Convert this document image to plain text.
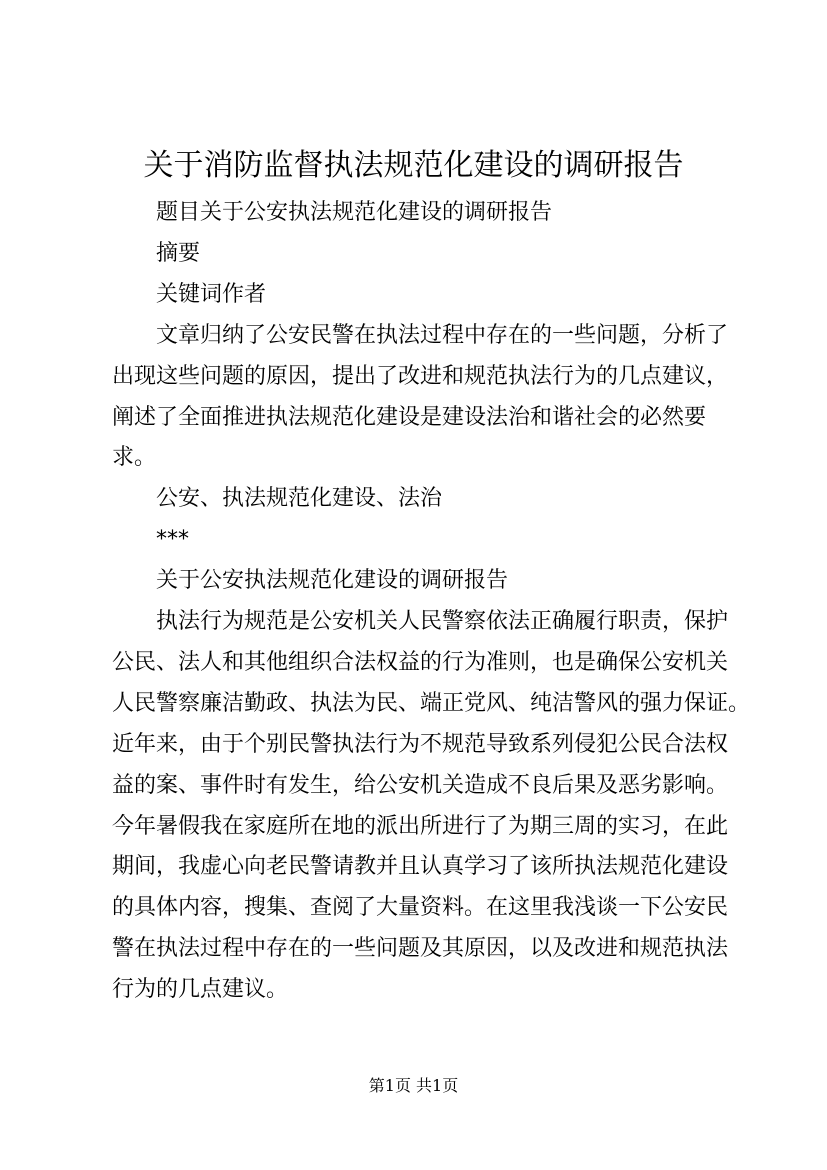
关于消防监督执法规范化建设的调研报告
题目关于公安执法规范化建设的调研报告
摘要
关键词作者
文章归纳了公安民警在执法过程中存在的一些问题，分析了
出现这些问题的原因，提出了改进和规范执法行为的几点建议，
阐述了全面推进执法规范化建设是建设法治和谐社会的必然要
求。
公安、执法规范化建设、法治
***
关于公安执法规范化建设的调研报告
执法行为规范是公安机关人民警察依法正确履行职责，保护
公民、法人和其他组织合法权益的行为准则，也是确保公安机关
人民警察廉洁勤政、执法为民、端正党风、纯洁警风的强力保证。
近年来，由于个别民警执法行为不规范导致系列侵犯公民合法权
益的案、事件时有发生，给公安机关造成不良后果及恶劣影响。
今年暑假我在家庭所在地的派出所进行了为期三周的实习，在此
期间，我虚心向老民警请教并且认真学习了该所执法规范化建设
的具体内容，搜集、查阅了大量资料。在这里我浅谈一下公安民
警在执法过程中存在的一些问题及其原因，以及改进和规范执法
行为的几点建议。
第1页 共1页
